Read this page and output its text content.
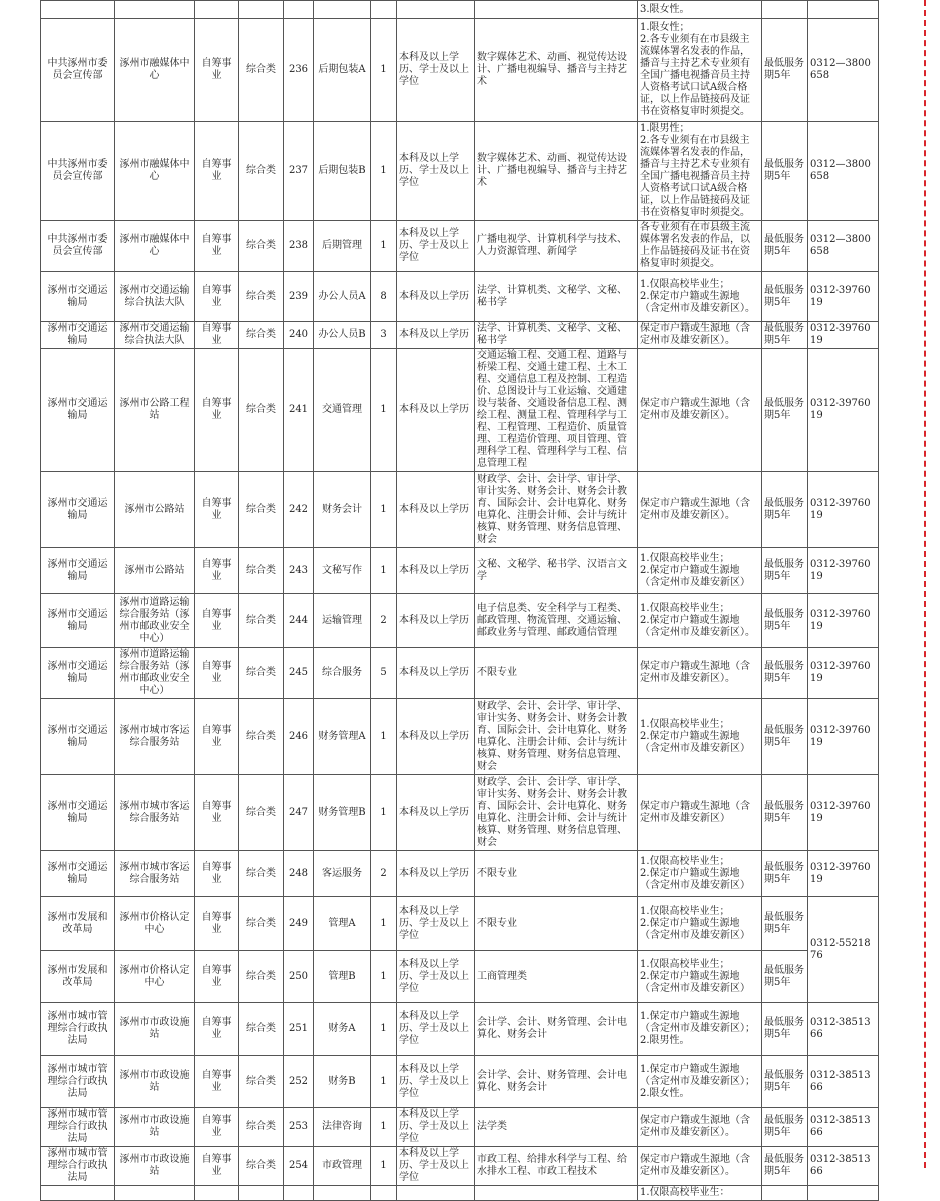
									3.限女性。		
中共涿州市委员会宣传部	涿州市融媒体中心	自筹事业	综合类	236	后期包装A	1	本科及以上学历、学士及以上学位	数字媒体艺术、动画、视觉传达设计、广播电视编导、播音与主持艺术	1.限女性；
2.各专业须有在市县级主流媒体署名发表的作品，播音与主持艺术专业须有全国广播电视播音员主持人资格考试口试A级合格证，以上作品链接码及证书在资格复审时须提交。	最低服务期5年	0312—3800658
中共涿州市委员会宣传部	涿州市融媒体中心	自筹事业	综合类	237	后期包装B	1	本科及以上学历、学士及以上学位	数字媒体艺术、动画、视觉传达设计、广播电视编导、播音与主持艺术	1.限男性；
2.各专业须有在市县级主流媒体署名发表的作品，播音与主持艺术专业须有全国广播电视播音员主持人资格考试口试A级合格证，以上作品链接码及证书在资格复审时须提交。	最低服务期5年	0312—3800658
中共涿州市委员会宣传部	涿州市融媒体中心	自筹事业	综合类	238	后期管理	1	本科及以上学历、学士及以上学位	广播电视学、计算机科学与技术、人力资源管理、新闻学	各专业须有在市县级主流媒体署名发表的作品，以上作品链接码及证书在资格复审时须提交。	最低服务期5年	0312—3800658
涿州市交通运输局	涿州市交通运输综合执法大队	自筹事业	综合类	239	办公人员A	8	本科及以上学历	法学、计算机类、文秘学、文秘、秘书学	1.仅限高校毕业生；
2.保定市户籍或生源地（含定州市及雄安新区）。	最低服务期5年	0312-3976019
涿州市交通运输局	涿州市交通运输综合执法大队	自筹事业	综合类	240	办公人员B	3	本科及以上学历	法学、计算机类、文秘学、文秘、秘书学	保定市户籍或生源地（含定州市及雄安新区）。	最低服务期5年	0312-3976019
涿州市交通运输局	涿州市公路工程站	自筹事业	综合类	241	交通管理	1	本科及以上学历	交通运输工程、交通工程、道路与桥梁工程、交通土建工程、土木工程、交通信息工程及控制、工程造价、总图设计与工业运输、交通建设与装备、交通设备信息工程、测绘工程、测量工程、管理科学与工程、工程管理、工程造价、质量管理、工程造价管理、项目管理、管理科学工程、管理科学与工程、信息管理工程	保定市户籍或生源地（含定州市及雄安新区）。	最低服务期5年	0312-3976019
涿州市交通运输局	涿州市公路站	自筹事业	综合类	242	财务会计	1	本科及以上学历	财政学、会计、会计学、审计学、审计实务、财务会计、财务会计教育、国际会计、会计电算化、财务电算化、注册会计师、会计与统计核算、财务管理、财务信息管理、财会	保定市户籍或生源地（含定州市及雄安新区）。	最低服务期5年	0312-3976019
涿州市交通运输局	涿州市公路站	自筹事业	综合类	243	文秘写作	1	本科及以上学历	文秘、文秘学、秘书学、汉语言文学	1.仅限高校毕业生；
2.保定市户籍或生源地（含定州市及雄安新区）	最低服务期5年	0312-3976019
涿州市交通运输局	涿州市道路运输综合服务站（涿州市邮政业安全中心）	自筹事业	综合类	244	运输管理	2	本科及以上学历	电子信息类、安全科学与工程类、邮政管理、物流管理、交通运输、邮政业务与管理、邮政通信管理	1.仅限高校毕业生；
2.保定市户籍或生源地（含定州市及雄安新区）。	最低服务期5年	0312-3976019
涿州市交通运输局	涿州市道路运输综合服务站（涿州市邮政业安全中心）	自筹事业	综合类	245	综合服务	5	本科及以上学历	不限专业	保定市户籍或生源地（含定州市及雄安新区）。	最低服务期5年	0312-3976019
涿州市交通运输局	涿州市城市客运综合服务站	自筹事业	综合类	246	财务管理A	1	本科及以上学历	财政学、会计、会计学、审计学、审计实务、财务会计、财务会计教育、国际会计、会计电算化、财务电算化、注册会计师、会计与统计核算、财务管理、财务信息管理、财会	1.仅限高校毕业生；
2.保定市户籍或生源地（含定州市及雄安新区）	最低服务期5年	0312-3976019
涿州市交通运输局	涿州市城市客运综合服务站	自筹事业	综合类	247	财务管理B	1	本科及以上学历	财政学、会计、会计学、审计学、审计实务、财务会计、财务会计教育、国际会计、会计电算化、财务电算化、注册会计师、会计与统计核算、财务管理、财务信息管理、财会	保定市户籍或生源地（含定州市及雄安新区）	最低服务期5年	0312-3976019
涿州市交通运输局	涿州市城市客运综合服务站	自筹事业	综合类	248	客运服务	2	本科及以上学历	不限专业	1.仅限高校毕业生；
2.保定市户籍或生源地（含定州市及雄安新区）	最低服务期5年	0312-3976019
涿州市发展和改革局	涿州市价格认定中心	自筹事业	综合类	249	管理A	1	本科及以上学历、学士及以上学位	不限专业	1.仅限高校毕业生；
2.保定市户籍或生源地（含定州市及雄安新区）	最低服务期5年	0312-5521876
涿州市发展和改革局	涿州市价格认定中心	自筹事业	综合类	250	管理B	1	本科及以上学历、学士及以上学位	工商管理类	1.仅限高校毕业生；
2.保定市户籍或生源地（含定州市及雄安新区）	最低服务期5年	
涿州市城市管理综合行政执法局	涿州市市政设施站	自筹事业	综合类	251	财务A	1	本科及以上学历、学士及以上学位	会计学、会计、财务管理、会计电算化、财务会计	1.保定市户籍或生源地（含定州市及雄安新区）；
2.限男性。	最低服务期5年	0312-3851366
涿州市城市管理综合行政执法局	涿州市市政设施站	自筹事业	综合类	252	财务B	1	本科及以上学历、学士及以上学位	会计学、会计、财务管理、会计电算化、财务会计	1.保定市户籍或生源地（含定州市及雄安新区）；
2.限女性。	最低服务期5年	0312-3851366
涿州市城市管理综合行政执法局	涿州市市政设施站	自筹事业	综合类	253	法律咨询	1	本科及以上学历、学士及以上学位	法学类	保定市户籍或生源地（含定州市及雄安新区）。	最低服务期5年	0312-3851366
涿州市城市管理综合行政执法局	涿州市市政设施站	自筹事业	综合类	254	市政管理	1	本科及以上学历、学士及以上学位	市政工程、给排水科学与工程、给水排水工程、市政工程技术	保定市户籍或生源地（含定州市及雄安新区）。	最低服务期5年	0312-3851366
									1.仅限高校毕业生：		
